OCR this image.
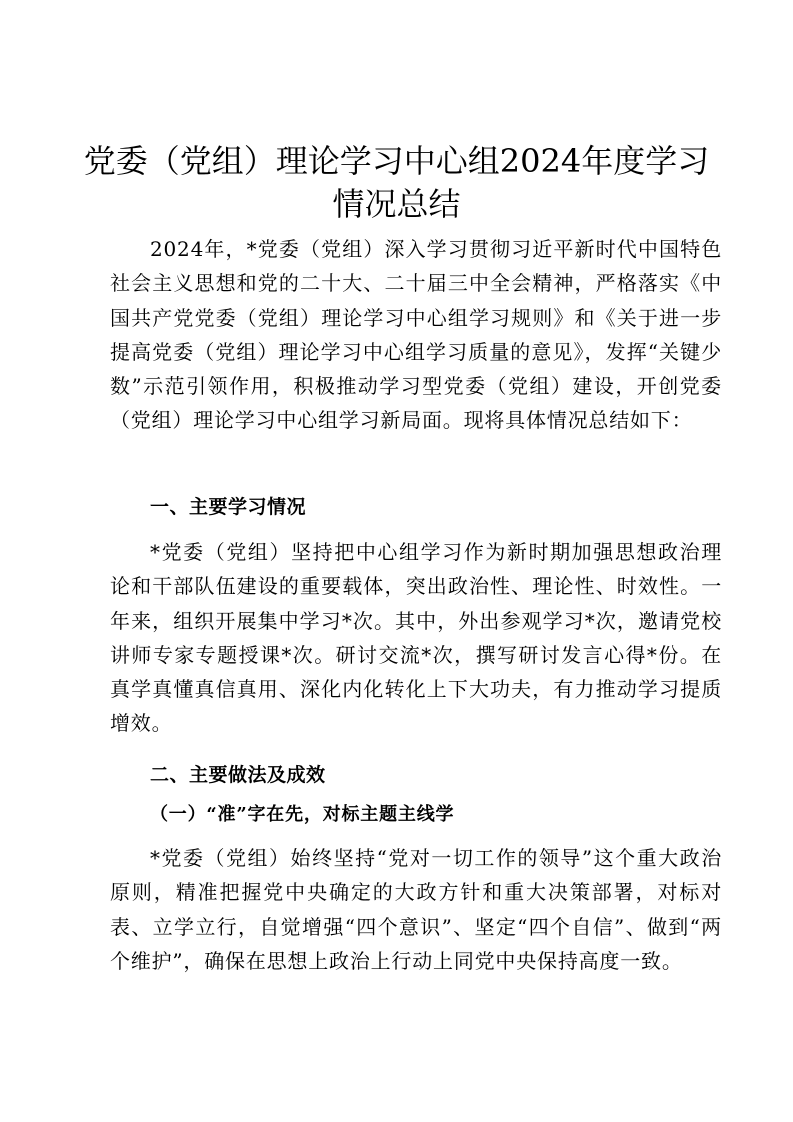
党委（党组）理论学习中心组2024年度学习情况总结

2024年，*党委（党组）深入学习贯彻习近平新时代中国特色社会主义思想和党的二十大、二十届三中全会精神，严格落实《中国共产党党委（党组）理论学习中心组学习规则》和《关于进一步提高党委（党组）理论学习中心组学习质量的意见》，发挥“关键少数”示范引领作用，积极推动学习型党委（党组）建设，开创党委（党组）理论学习中心组学习新局面。现将具体情况总结如下：

一、主要学习情况

*党委（党组）坚持把中心组学习作为新时期加强思想政治理论和干部队伍建设的重要载体，突出政治性、理论性、时效性。一年来，组织开展集中学习*次。其中，外出参观学习*次，邀请党校讲师专家专题授课*次。研讨交流*次，撰写研讨发言心得*份。在真学真懂真信真用、深化内化转化上下大功夫，有力推动学习提质增效。

二、主要做法及成效
（一）“准”字在先，对标主题主线学

*党委（党组）始终坚持“党对一切工作的领导”这个重大政治原则，精准把握党中央确定的大政方针和重大决策部署，对标对表、立学立行，自觉增强“四个意识”、坚定“四个自信”、做到“两个维护”，确保在思想上政治上行动上同党中央保持高度一致。
